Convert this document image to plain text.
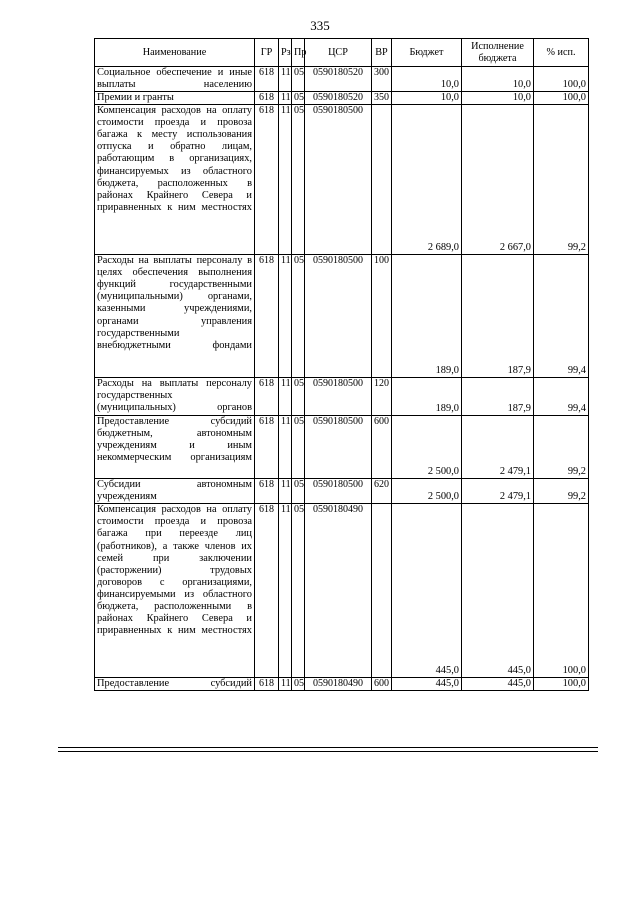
335
Наименование	ГР	Рз	Пр	ЦСР	ВР	Бюджет	Исполнение бюджета	% исп.
Социальное обеспечение и иные выплаты населению	618	11	05	0590180520	300	10,0	10,0	100,0
Премии и гранты	618	11	05	0590180520	350	10,0	10,0	100,0
Компенсация расходов на оплату стоимости проезда и провоза багажа к месту использования отпуска и обратно лицам, работающим в организациях, финансируемых из областного бюджета, расположенных в районах Крайнего Севера и приравненных к ним местностях	618	11	05	0590180500		2 689,0	2 667,0	99,2
Расходы на выплаты персоналу в целях обеспечения выполнения функций государственными (муниципальными) органами, казенными учреждениями, органами управления государственными внебюджетными фондами	618	11	05	0590180500	100	189,0	187,9	99,4
Расходы на выплаты персоналу государственных (муниципальных) органов	618	11	05	0590180500	120	189,0	187,9	99,4
Предоставление субсидий бюджетным, автономным учреждениям и иным некоммерческим организациям	618	11	05	0590180500	600	2 500,0	2 479,1	99,2
Субсидии автономным учреждениям	618	11	05	0590180500	620	2 500,0	2 479,1	99,2
Компенсация расходов на оплату стоимости проезда и провоза багажа при переезде лиц (работников), а также членов их семей при заключении (расторжении) трудовых договоров с организациями, финансируемыми из областного бюджета, расположенными в районах Крайнего Севера и приравненных к ним местностях	618	11	05	0590180490		445,0	445,0	100,0
Предоставление субсидий	618	11	05	0590180490	600	445,0	445,0	100,0
